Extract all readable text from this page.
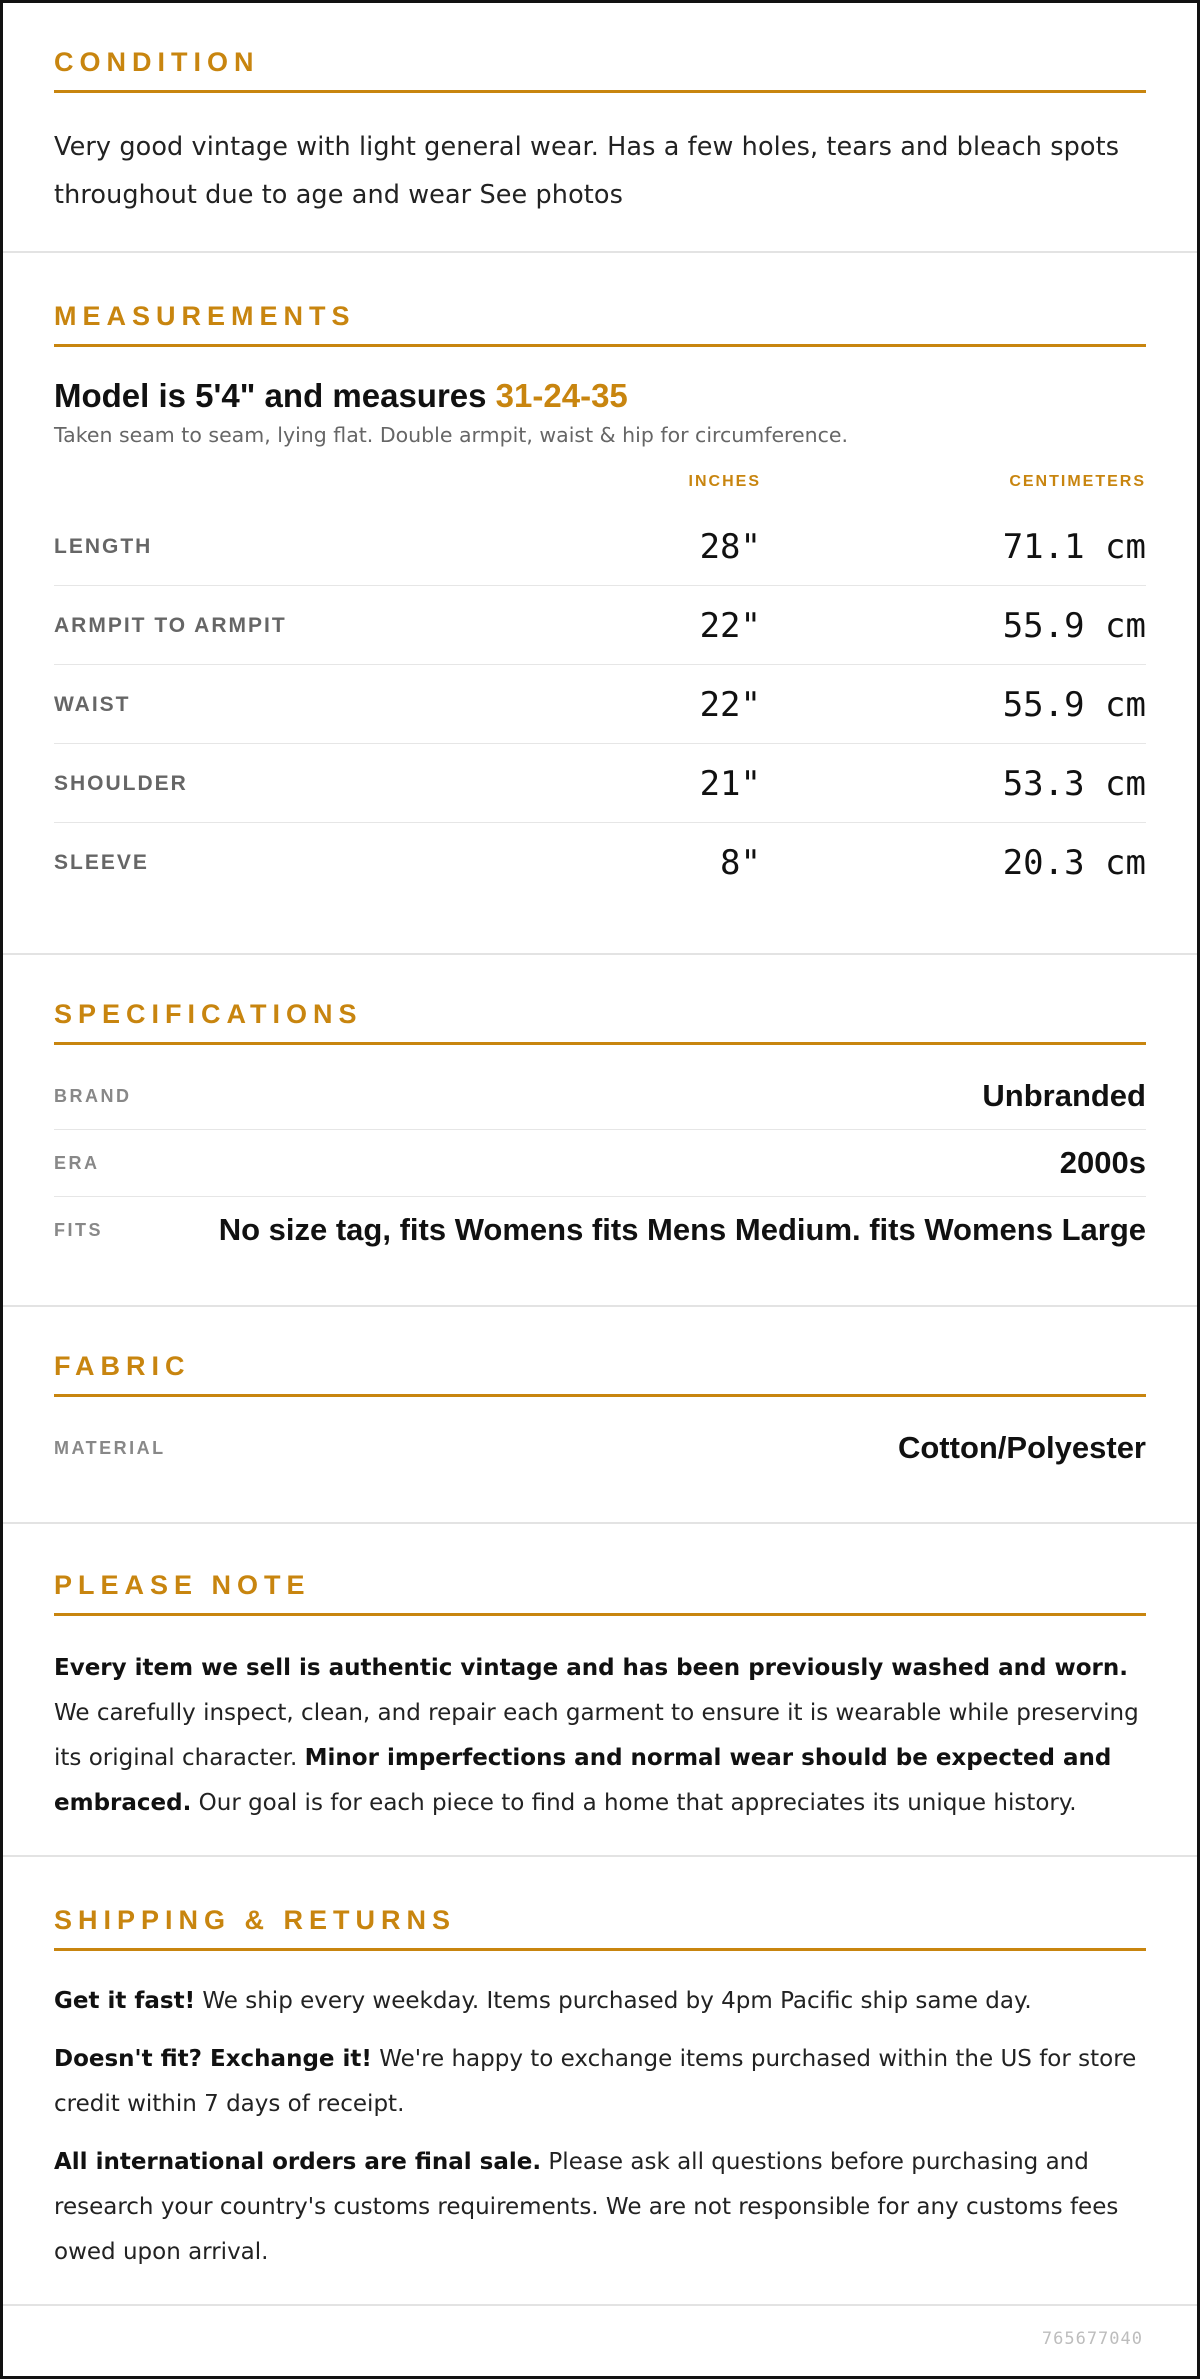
CONDITION

Very good vintage with light general wear. Has a few holes, tears and bleach spots throughout due to age and wear See photos

MEASUREMENTS
Model is 5'4" and measures 31-24-35
Taken seam to seam, lying flat. Double armpit, waist & hip for circumference.
INCHES	CENTIMETERS
LENGTH	28"	71.1 cm
ARMPIT TO ARMPIT	22"	55.9 cm
WAIST	22"	55.9 cm
SHOULDER	21"	53.3 cm
SLEEVE	8"	20.3 cm
SPECIFICATIONS
BRAND	Unbranded
ERA	2000s
FITS	No size tag, fits Womens fits Mens Medium. fits Womens Large
FABRIC
MATERIAL	Cotton/Polyester
PLEASE NOTE

Every item we sell is authentic vintage and has been previously washed and worn. We carefully inspect, clean, and repair each garment to ensure it is wearable while preserving its original character. Minor imperfections and normal wear should be expected and embraced. Our goal is for each piece to find a home that appreciates its unique history.

SHIPPING & RETURNS

Get it fast! We ship every weekday. Items purchased by 4pm Pacific ship same day.

Doesn't fit? Exchange it! We're happy to exchange items purchased within the US for store credit within 7 days of receipt.

All international orders are final sale. Please ask all questions before purchasing and research your country's customs requirements. We are not responsible for any customs fees owed upon arrival.

765677040
